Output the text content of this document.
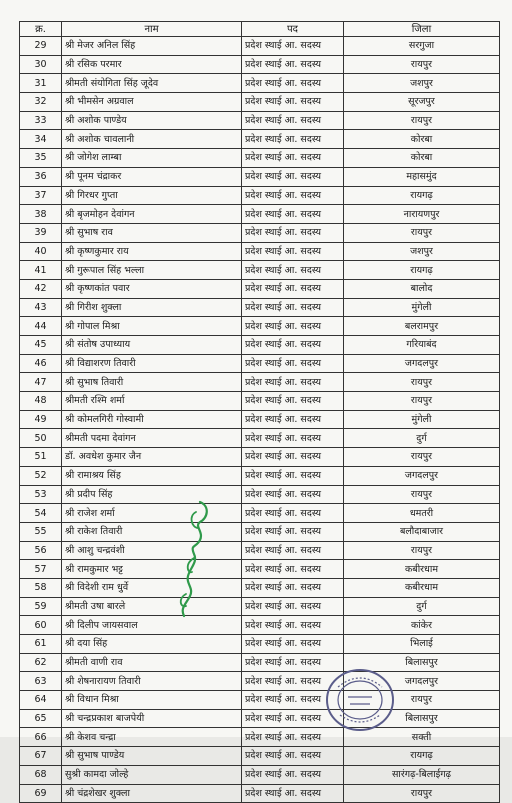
क्र.	नाम	पद	जिला
29	श्री मेजर अनिल सिंह	प्रदेश स्थाई आ. सदस्य	सरगुजा
30	श्री रसिक परमार	प्रदेश स्थाई आ. सदस्य	रायपुर
31	श्रीमती संयोगिता सिंह जूदेव	प्रदेश स्थाई आ. सदस्य	जशपुर
32	श्री भीमसेन अग्रवाल	प्रदेश स्थाई आ. सदस्य	सूरजपुर
33	श्री अशोक पाण्डेय	प्रदेश स्थाई आ. सदस्य	रायपुर
34	श्री अशोक चावलानी	प्रदेश स्थाई आ. सदस्य	कोरबा
35	श्री जोगेश लाम्बा	प्रदेश स्थाई आ. सदस्य	कोरबा
36	श्री पूनम चंद्राकर	प्रदेश स्थाई आ. सदस्य	महासमुंद
37	श्री गिरधर गुप्ता	प्रदेश स्थाई आ. सदस्य	रायगढ़
38	श्री बृजमोहन देवांगन	प्रदेश स्थाई आ. सदस्य	नारायणपुर
39	श्री सुभाष राव	प्रदेश स्थाई आ. सदस्य	रायपुर
40	श्री कृष्णकुमार राय	प्रदेश स्थाई आ. सदस्य	जशपुर
41	श्री गुरूपाल सिंह भल्ला	प्रदेश स्थाई आ. सदस्य	रायगढ़
42	श्री कृष्णकांत पवार	प्रदेश स्थाई आ. सदस्य	बालोद
43	श्री गिरीश शुक्ला	प्रदेश स्थाई आ. सदस्य	मुंगेली
44	श्री गोपाल मिश्रा	प्रदेश स्थाई आ. सदस्य	बलरामपुर
45	श्री संतोष उपाध्याय	प्रदेश स्थाई आ. सदस्य	गरियाबंद
46	श्री विद्याशरण तिवारी	प्रदेश स्थाई आ. सदस्य	जगदलपुर
47	श्री सुभाष तिवारी	प्रदेश स्थाई आ. सदस्य	रायपुर
48	श्रीमती रश्मि शर्मा	प्रदेश स्थाई आ. सदस्य	रायपुर
49	श्री कोमलगिरी गोस्वामी	प्रदेश स्थाई आ. सदस्य	मुंगेली
50	श्रीमती पदमा देवांगन	प्रदेश स्थाई आ. सदस्य	दुर्ग
51	डॉ. अवधेश कुमार जैन	प्रदेश स्थाई आ. सदस्य	रायपुर
52	श्री रामाश्रय सिंह	प्रदेश स्थाई आ. सदस्य	जगदलपुर
53	श्री प्रदीप सिंह	प्रदेश स्थाई आ. सदस्य	रायपुर
54	श्री राजेश शर्मा	प्रदेश स्थाई आ. सदस्य	धमतरी
55	श्री राकेश तिवारी	प्रदेश स्थाई आ. सदस्य	बलौदाबाजार
56	श्री आशु चन्द्रवंशी	प्रदेश स्थाई आ. सदस्य	रायपुर
57	श्री रामकुमार भट्ट	प्रदेश स्थाई आ. सदस्य	कबीरधाम
58	श्री विदेशी राम धुर्वे	प्रदेश स्थाई आ. सदस्य	कबीरधाम
59	श्रीमती उषा बारले	प्रदेश स्थाई आ. सदस्य	दुर्ग
60	श्री दिलीप जायसवाल	प्रदेश स्थाई आ. सदस्य	कांकेर
61	श्री दया सिंह	प्रदेश स्थाई आ. सदस्य	भिलाई
62	श्रीमती वाणी राव	प्रदेश स्थाई आ. सदस्य	बिलासपुर
63	श्री शेषनारायण तिवारी	प्रदेश स्थाई आ. सदस्य	जगदलपुर
64	श्री विधान मिश्रा	प्रदेश स्थाई आ. सदस्य	रायपुर
65	श्री चन्द्रप्रकाश बाजपेयी	प्रदेश स्थाई आ. सदस्य	बिलासपुर
66	श्री केशव चन्द्रा	प्रदेश स्थाई आ. सदस्य	सक्ती
67	श्री सुभाष पाण्डेय	प्रदेश स्थाई आ. सदस्य	रायगढ़
68	सुश्री कामदा जोल्हे	प्रदेश स्थाई आ. सदस्य	सारंगढ़-बिलाईगढ़
69	श्री चंद्रशेखर शुक्ला	प्रदेश स्थाई आ. सदस्य	रायपुर
